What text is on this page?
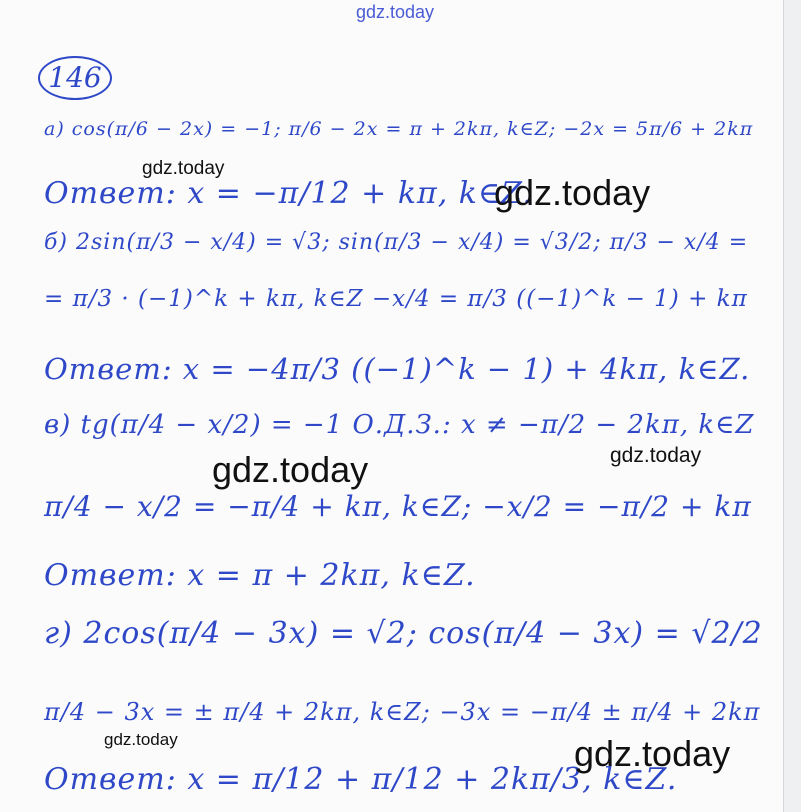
gdz.today
146
а) cos(π/6 − 2x) = −1; π/6 − 2x = π + 2kπ, k∈Z; −2x = 5π/6 + 2kπ
Ответ: x = −π/12 + kπ, k∈Z.
б) 2sin(π/3 − x/4) = √3; sin(π/3 − x/4) = √3/2; π/3 − x/4 =
= π/3 · (−1)^k + kπ, k∈Z −x/4 = π/3 ((−1)^k − 1) + kπ
Ответ: x = −4π/3 ((−1)^k − 1) + 4kπ, k∈Z.
в) tg(π/4 − x/2) = −1 О.Д.З.: x ≠ −π/2 − 2kπ, k∈Z
π/4 − x/2 = −π/4 + kπ, k∈Z; −x/2 = −π/2 + kπ
Ответ: x = π + 2kπ, k∈Z.
г) 2cos(π/4 − 3x) = √2; cos(π/4 − 3x) = √2/2
π/4 − 3x = ± π/4 + 2kπ, k∈Z; −3x = −π/4 ± π/4 + 2kπ
Ответ: x = π/12 + π/12 + 2kπ/3, k∈Z.
gdz.today
gdz.today
gdz.today	gdz.today
gdz.today	gdz.today
